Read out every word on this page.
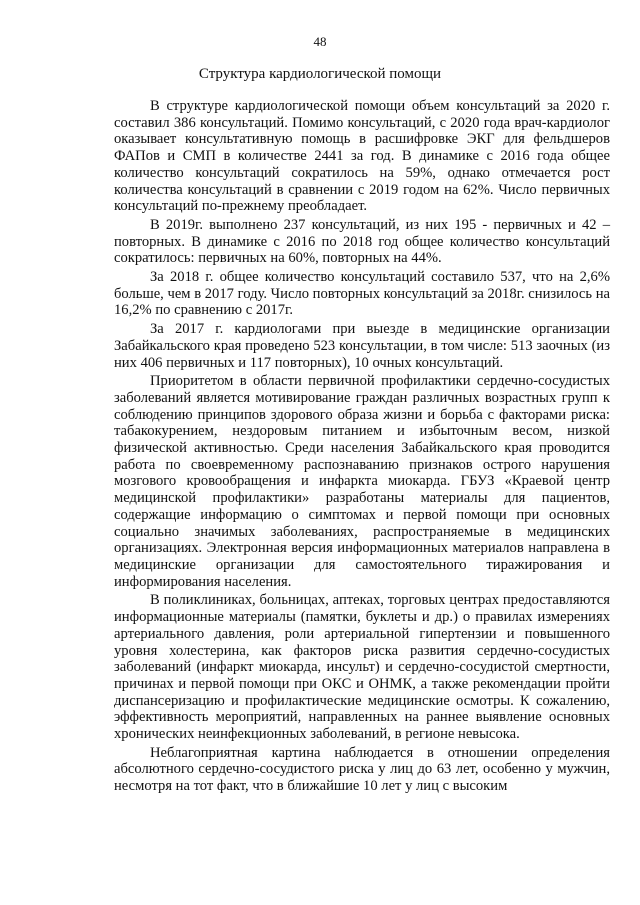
48
Структура кардиологической помощи

В структуре кардиологической помощи объем консультаций за 2020 г. составил 386 консультаций. Помимо консультаций, с 2020 года врач-кардиолог оказывает консультативную помощь в расшифровке ЭКГ для фельдшеров ФАПов и СМП в количестве 2441 за год. В динамике с 2016 года общее количество консультаций сократилось на 59%, однако отмечается рост количества консультаций в сравнении с 2019 годом на 62%. Число первичных консультаций по-прежнему преобладает.

В 2019г. выполнено 237 консультаций, из них 195 - первичных и 42 – повторных. В динамике с 2016 по 2018 год общее количество консультаций сократилось: первичных на 60%, повторных на 44%.

За 2018 г. общее количество консультаций составило 537, что на 2,6% больше, чем в 2017 году. Число повторных консультаций за 2018г. снизилось на 16,2% по сравнению с 2017г.

За 2017 г. кардиологами при выезде в медицинские организации Забайкальского края проведено 523 консультации, в том числе: 513 заочных (из них 406 первичных и 117 повторных), 10 очных консультаций.

Приоритетом в области первичной профилактики сердечно-сосудистых заболеваний является мотивирование граждан различных возрастных групп к соблюдению принципов здорового образа жизни и борьба с факторами риска: табакокурением, нездоровым питанием и избыточным весом, низкой физической активностью. Среди населения Забайкальского края проводится работа по своевременному распознаванию признаков острого нарушения мозгового кровообращения и инфаркта миокарда. ГБУЗ «Краевой центр медицинской профилактики» разработаны материалы для пациентов, содержащие информацию о симптомах и первой помощи при основных социально значимых заболеваниях, распространяемые в медицинских организациях. Электронная версия информационных материалов направлена в медицинские организации для самостоятельного тиражирования и информирования населения.

В поликлиниках, больницах, аптеках, торговых центрах предоставляются информационные материалы (памятки, буклеты и др.) о правилах измерениях артериального давления, роли артериальной гипертензии и повышенного уровня холестерина, как факторов риска развития сердечно-сосудистых заболеваний (инфаркт миокарда, инсульт) и сердечно-сосудистой смертности, причинах и первой помощи при ОКС и ОНМК, а также рекомендации пройти диспансеризацию и профилактические медицинские осмотры. К сожалению, эффективность мероприятий, направленных на раннее выявление основных хронических неинфекционных заболеваний, в регионе невысока.

Неблагоприятная картина наблюдается в отношении определения абсолютного сердечно-сосудистого риска у лиц до 63 лет, особенно у мужчин, несмотря на тот факт, что в ближайшие 10 лет у лиц с высоким
